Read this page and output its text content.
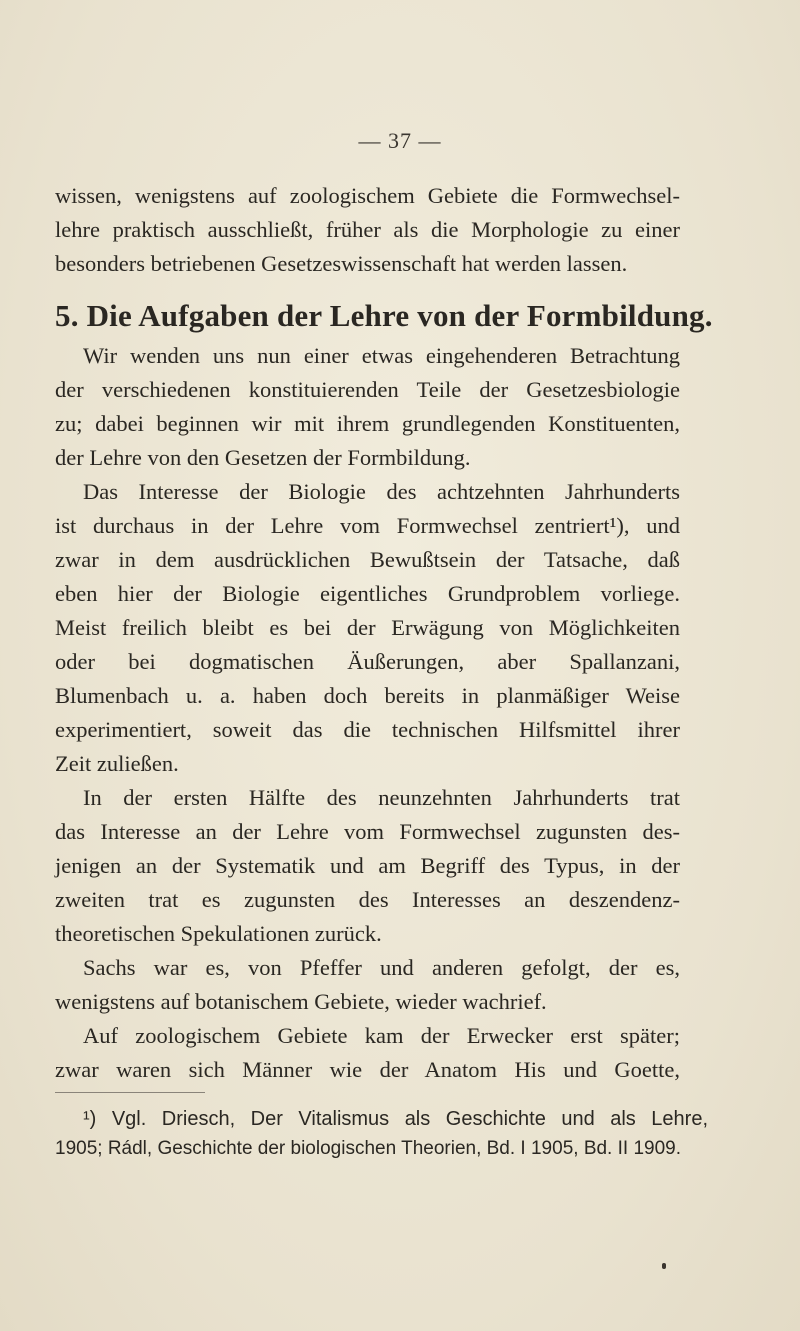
— 37 —
wissen, wenigstens auf zoologischem Gebiete die Formwechsel-
lehre praktisch ausschließt, früher als die Morphologie zu einer
besonders betriebenen Gesetzeswissenschaft hat werden lassen.
5. Die Aufgaben der Lehre von der Formbildung.
Wir wenden uns nun einer etwas eingehenderen Betrachtung
der verschiedenen konstituierenden Teile der Gesetzesbiologie
zu; dabei beginnen wir mit ihrem grundlegenden Konstituenten,
der Lehre von den Gesetzen der Formbildung.
Das Interesse der Biologie des achtzehnten Jahrhunderts
ist durchaus in der Lehre vom Formwechsel zentriert¹), und
zwar in dem ausdrücklichen Bewußtsein der Tatsache, daß
eben hier der Biologie eigentliches Grundproblem vorliege.
Meist freilich bleibt es bei der Erwägung von Möglichkeiten
oder bei dogmatischen Äußerungen, aber Spallanzani,
Blumenbach u. a. haben doch bereits in planmäßiger Weise
experimentiert, soweit das die technischen Hilfsmittel ihrer
Zeit zuließen.
In der ersten Hälfte des neunzehnten Jahrhunderts trat
das Interesse an der Lehre vom Formwechsel zugunsten des-
jenigen an der Systematik und am Begriff des Typus, in der
zweiten trat es zugunsten des Interesses an deszendenz-
theoretischen Spekulationen zurück.
Sachs war es, von Pfeffer und anderen gefolgt, der es,
wenigstens auf botanischem Gebiete, wieder wachrief.
Auf zoologischem Gebiete kam der Erwecker erst später;
zwar waren sich Männer wie der Anatom His und Goette,
¹) Vgl. Driesch, Der Vitalismus als Geschichte und als Lehre,
1905; Rádl, Geschichte der biologischen Theorien, Bd. I 1905, Bd. II 1909.
